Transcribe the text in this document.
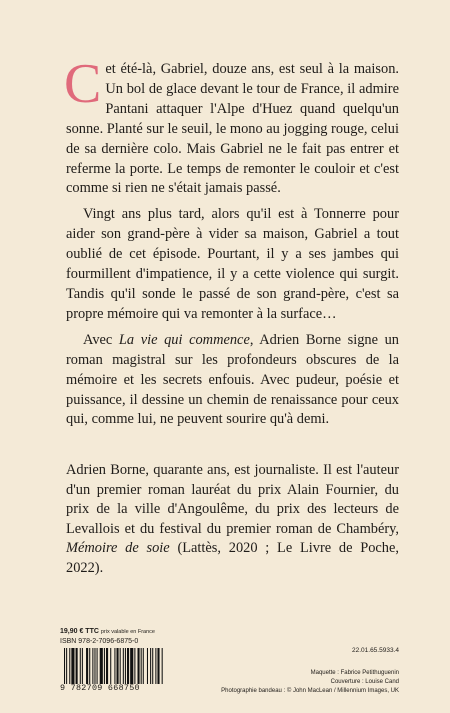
Cet été-là, Gabriel, douze ans, est seul à la maison. Un bol de glace devant le tour de France, il admire Pantani attaquer l'Alpe d'Huez quand quelqu'un sonne. Planté sur le seuil, le mono au jogging rouge, celui de sa dernière colo. Mais Gabriel ne le fait pas entrer et referme la porte. Le temps de remonter le couloir et c'est comme si rien ne s'était jamais passé.

Vingt ans plus tard, alors qu'il est à Tonnerre pour aider son grand-père à vider sa maison, Gabriel a tout oublié de cet épisode. Pourtant, il y a ses jambes qui fourmillent d'impatience, il y a cette violence qui surgit. Tandis qu'il sonde le passé de son grand-père, c'est sa propre mémoire qui va remonter à la surface…

Avec La vie qui commence, Adrien Borne signe un roman magistral sur les profondeurs obscures de la mémoire et les secrets enfouis. Avec pudeur, poésie et puissance, il dessine un chemin de renaissance pour ceux qui, comme lui, ne peuvent sourire qu'à demi.

Adrien Borne, quarante ans, est journaliste. Il est l'auteur d'un premier roman lauréat du prix Alain Fournier, du prix de la ville d'Angoulême, du prix des lecteurs de Levallois et du festival du premier roman de Chambéry, Mémoire de soie (Lattès, 2020 ; Le Livre de Poche, 2022).

19,90 € TTC prix valable en France
ISBN 978-2-7096-6875-0
9 782709 668750
22.01.65.5933.4
Maquette : Fabrice Petithuguenin
Couverture : Louise Cand
Photographie bandeau : © John MacLean / Millennium Images, UK
